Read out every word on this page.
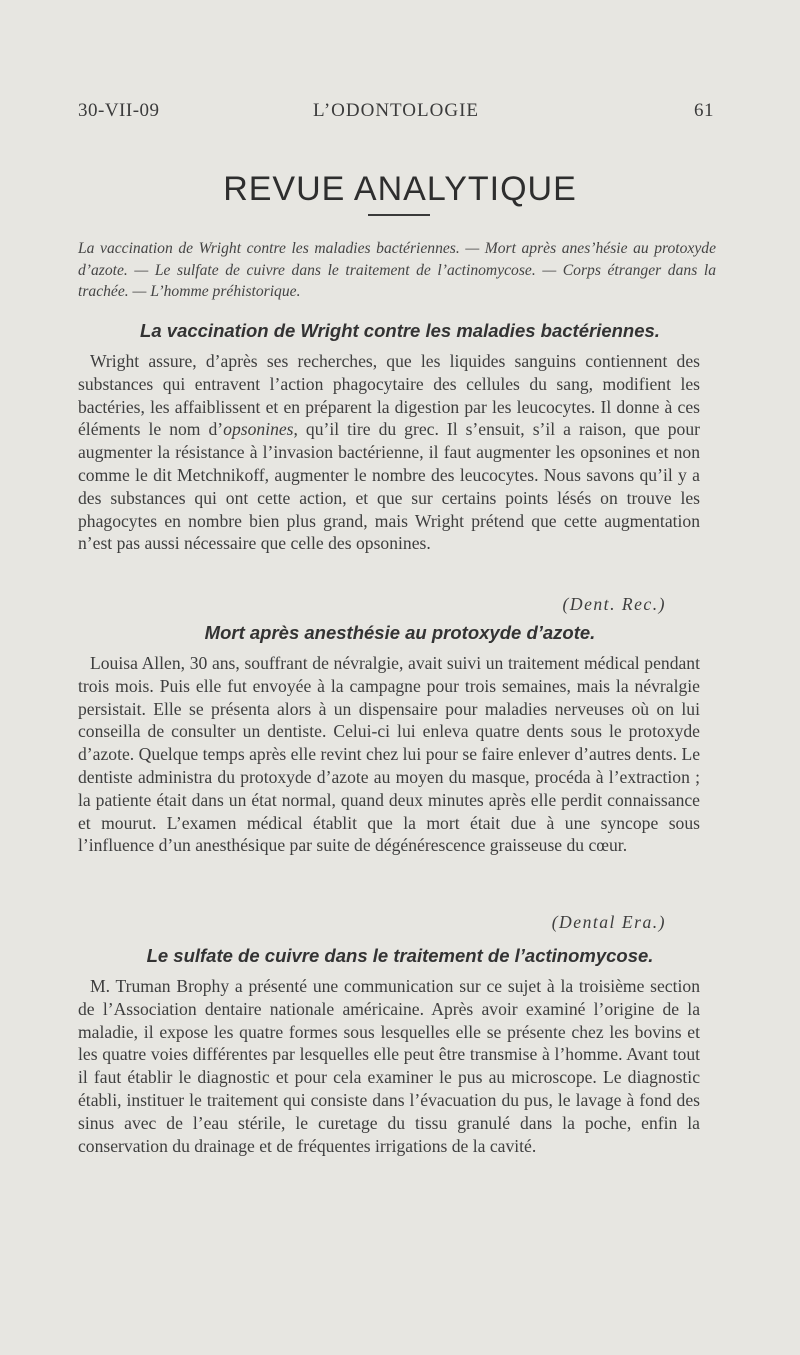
30-VII-09	L’ODONTOLOGIE	61
REVUE ANALYTIQUE
La vaccination de Wright contre les maladies bactériennes. — Mort après anes’hésie au protoxyde d’azote. — Le sulfate de cuivre dans le traitement de l’actinomycose. — Corps étranger dans la trachée. — L’homme préhistorique.
La vaccination de Wright contre les maladies bactériennes.
Wright assure, d’après ses recherches, que les liquides sanguins contiennent des substances qui entravent l’action phagocytaire des cellules du sang, modifient les bactéries, les affaiblissent et en préparent la digestion par les leucocytes. Il donne à ces éléments le nom d’opsonines, qu’il tire du grec. Il s’ensuit, s’il a raison, que pour augmenter la résistance à l’invasion bactérienne, il faut augmenter les opsonines et non comme le dit Metchnikoff, augmenter le nombre des leucocytes. Nous savons qu’il y a des substances qui ont cette action, et que sur certains points lésés on trouve les phagocytes en nombre bien plus grand, mais Wright prétend que cette augmentation n’est pas aussi nécessaire que celle des opsonines.
(Dent. Rec.)
Mort après anesthésie au protoxyde d’azote.
Louisa Allen, 30 ans, souffrant de névralgie, avait suivi un traitement médical pendant trois mois. Puis elle fut envoyée à la campagne pour trois semaines, mais la névralgie persistait. Elle se présenta alors à un dispensaire pour maladies nerveuses où on lui conseilla de consulter un dentiste. Celui-ci lui enleva quatre dents sous le protoxyde d’azote. Quelque temps après elle revint chez lui pour se faire enlever d’autres dents. Le dentiste administra du protoxyde d’azote au moyen du masque, procéda à l’extraction ; la patiente était dans un état normal, quand deux minutes après elle perdit connaissance et mourut. L’examen médical établit que la mort était due à une syncope sous l’influence d’un anesthésique par suite de dégénérescence graisseuse du cœur.
(Dental Era.)
Le sulfate de cuivre dans le traitement de l’actinomycose.
M. Truman Brophy a présenté une communication sur ce sujet à la troisième section de l’Association dentaire nationale américaine. Après avoir examiné l’origine de la maladie, il expose les quatre formes sous lesquelles elle se présente chez les bovins et les quatre voies différentes par lesquelles elle peut être transmise à l’homme. Avant tout il faut établir le diagnostic et pour cela examiner le pus au microscope. Le diagnostic établi, instituer le traitement qui consiste dans l’évacuation du pus, le lavage à fond des sinus avec de l’eau stérile, le curetage du tissu granulé dans la poche, enfin la conservation du drainage et de fréquentes irrigations de la cavité.
